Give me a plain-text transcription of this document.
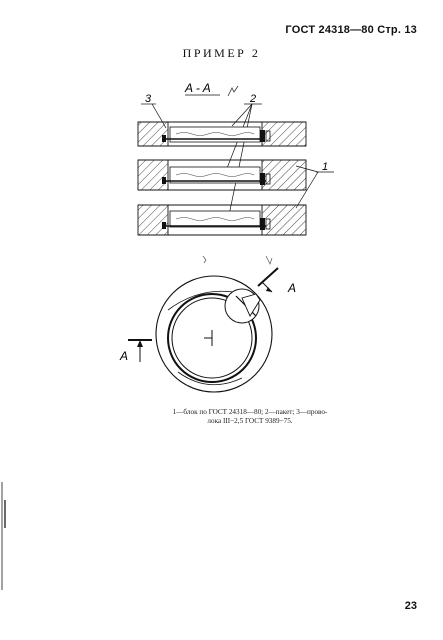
ГОСТ 24318—80 Стр. 13
ПРИМЕР 2
A - A
3	2
1
A
A
1—блок по ГОСТ 24318—80; 2—пакет; 3—прово-
лока III−2,5 ГОСТ 9389−75.
23
